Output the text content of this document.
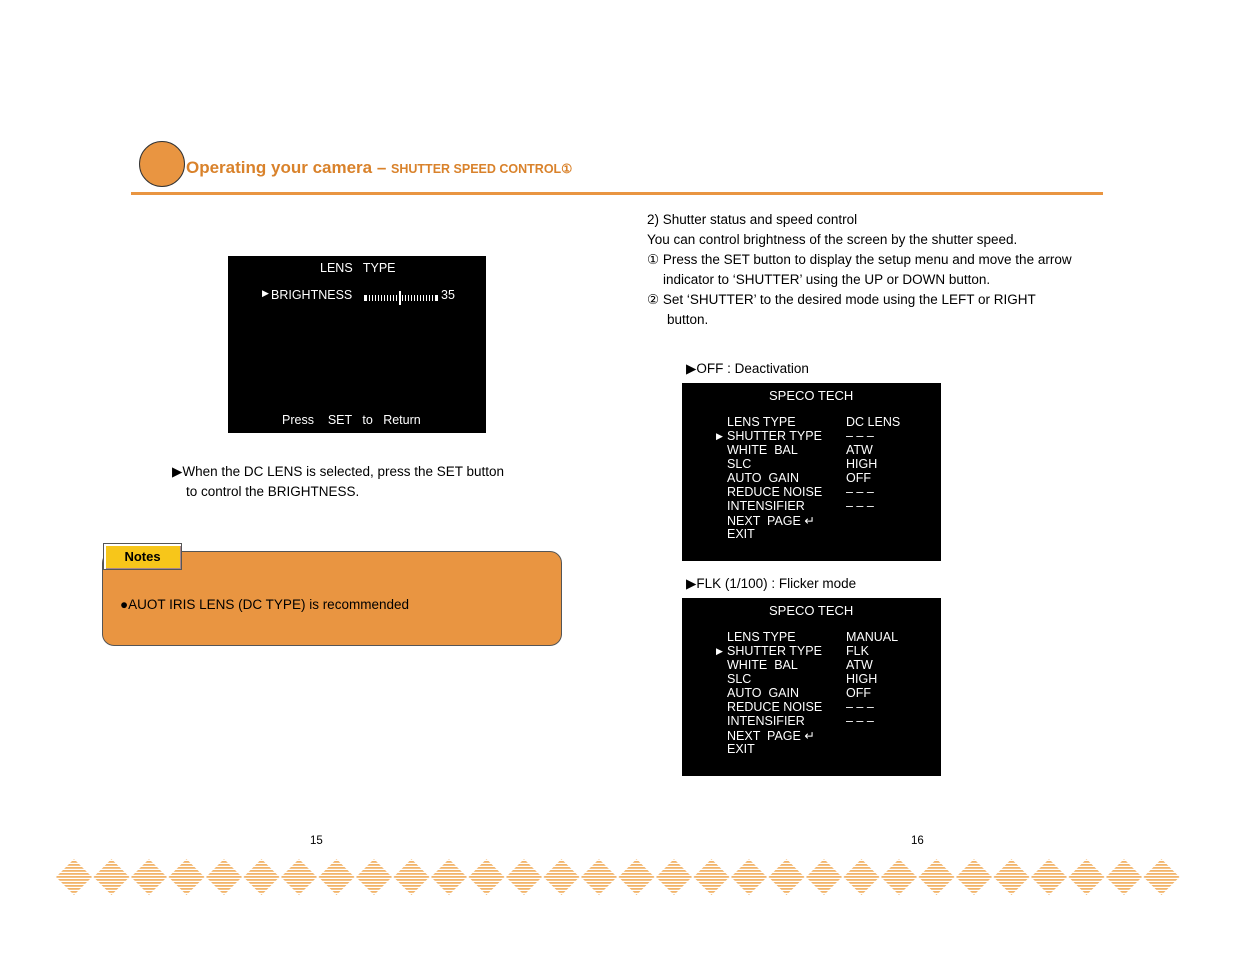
Operating your camera – SHUTTER SPEED CONTROL①
LENS   TYPE
▶ BRIGHTNESS	35
Press    SET   to   Return
▶When the DC LENS is selected, press the SET button
to control the BRIGHTNESS.
Notes
●AUOT IRIS LENS (DC TYPE) is recommended
2) Shutter status and speed control
You can control brightness of the screen by the shutter speed.
① Press the SET button to display the setup menu and move the arrow
indicator to ‘SHUTTER’ using the UP or DOWN button.
② Set ‘SHUTTER’ to the desired mode using the LEFT or RIGHT
button.
▶OFF : Deactivation
SPECO TECH
▶
LENS TYPE	DC LENS
SHUTTER TYPE – – –
WHITE  BAL	ATW
SLC	HIGH
AUTO  GAIN	OFF
REDUCE NOISE – – –
INTENSIFIER	– – –
NEXT  PAGE ↵
EXIT
▶FLK (1/100) : Flicker mode
SPECO TECH
▶
LENS TYPE	MANUAL
SHUTTER TYPE FLK
WHITE  BAL	ATW
SLC	HIGH
AUTO  GAIN	OFF
REDUCE NOISE – – –
INTENSIFIER	– – –
NEXT  PAGE ↵
EXIT
15	16
